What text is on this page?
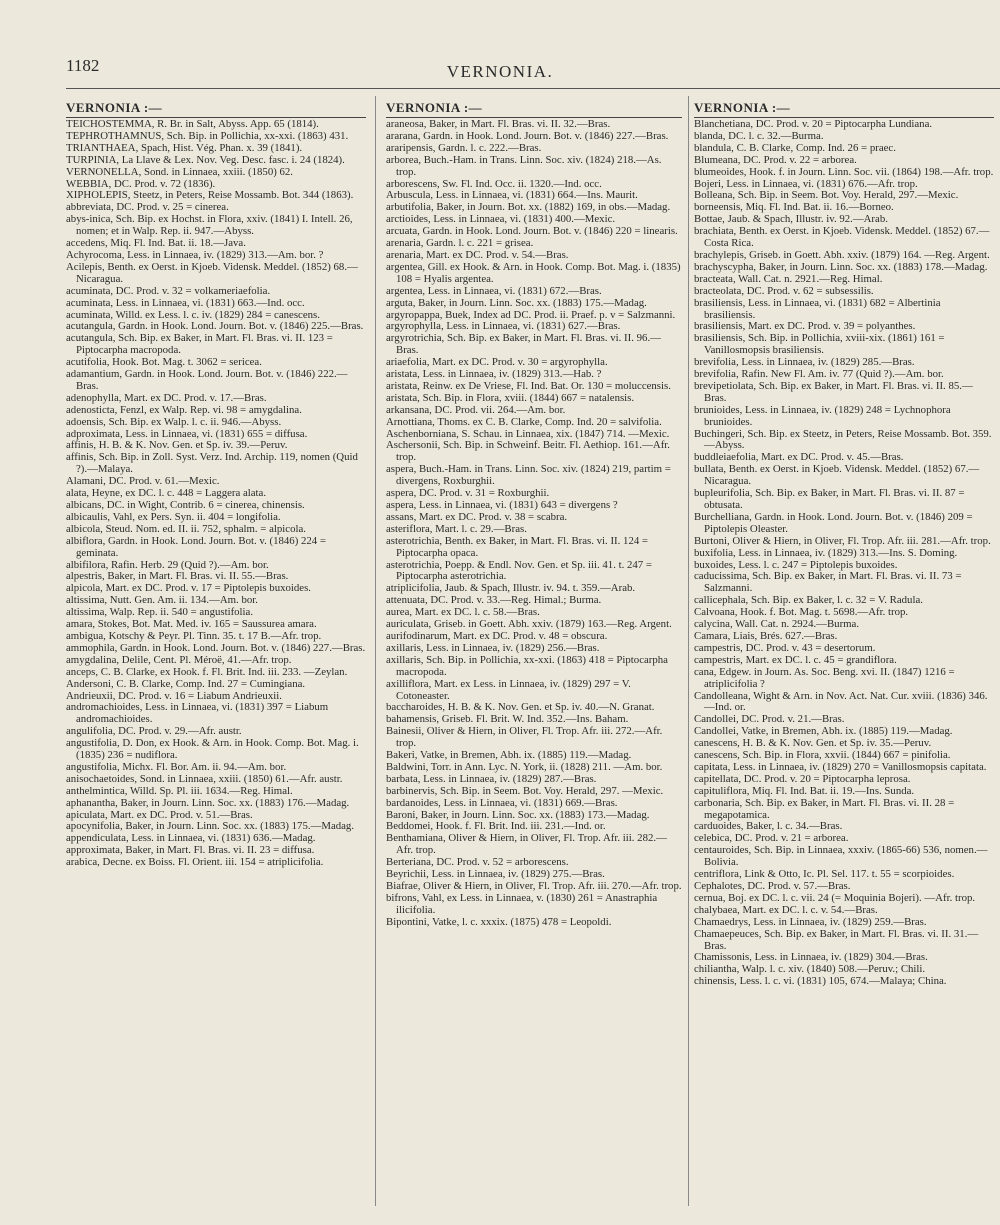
1182	VERNONIA.
VERNONIA :—

TEICHOSTEMMA, R. Br. in Salt, Abyss. App. 65 (1814).

TEPHROTHAMNUS, Sch. Bip. in Pollichia, xx-xxi. (1863) 431.

TRIANTHAEA, Spach, Hist. Vég. Phan. x. 39 (1841).

TURPINIA, La Llave & Lex. Nov. Veg. Desc. fasc. i. 24 (1824).

VERNONELLA, Sond. in Linnaea, xxiii. (1850) 62.

WEBBIA, DC. Prod. v. 72 (1836).

XIPHOLEPIS, Steetz, in Peters, Reise Mossamb. Bot. 344 (1863).

abbreviata, DC. Prod. v. 25 = cinerea.

abys-inica, Sch. Bip. ex Hochst. in Flora, xxiv. (1841) I. Intell. 26, nomen; et in Walp. Rep. ii. 947.—Abyss.

accedens, Miq. Fl. Ind. Bat. ii. 18.—Java.

Achyrocoma, Less. in Linnaea, iv. (1829) 313.—Am. bor. ?

Acilepis, Benth. ex Oerst. in Kjoeb. Vidensk. Meddel. (1852) 68.—Nicaragua.

acuminata, DC. Prod. v. 32 = volkameriaefolia.

acuminata, Less. in Linnaea, vi. (1831) 663.—Ind. occ.

acuminata, Willd. ex Less. l. c. iv. (1829) 284 = canescens.

acutangula, Gardn. in Hook. Lond. Journ. Bot. v. (1846) 225.—Bras.

acutangula, Sch. Bip. ex Baker, in Mart. Fl. Bras. vi. II. 123 = Piptocarpha macropoda.

acutifolia, Hook. Bot. Mag. t. 3062 = sericea.

adamantium, Gardn. in Hook. Lond. Journ. Bot. v. (1846) 222.—Bras.

adenophylla, Mart. ex DC. Prod. v. 17.—Bras.

adenosticta, Fenzl, ex Walp. Rep. vi. 98 = amygdalina.

adoensis, Sch. Bip. ex Walp. l. c. ii. 946.—Abyss.

adproximata, Less. in Linnaea, vi. (1831) 655 = diffusa.

affinis, H. B. & K. Nov. Gen. et Sp. iv. 39.—Peruv.

affinis, Sch. Bip. in Zoll. Syst. Verz. Ind. Archip. 119, nomen (Quid ?).—Malaya.

Alamani, DC. Prod. v. 61.—Mexic.

alata, Heyne, ex DC. l. c. 448 = Laggera alata.

albicans, DC. in Wight, Contrib. 6 = cinerea, chinensis.

albicaulis, Vahl, ex Pers. Syn. ii. 404 = longifolia.

albicola, Steud. Nom. ed. II. ii. 752, sphalm. = alpicola.

albiflora, Gardn. in Hook. Lond. Journ. Bot. v. (1846) 224 = geminata.

albifilora, Rafin. Herb. 29 (Quid ?).—Am. bor.

alpestris, Baker, in Mart. Fl. Bras. vi. II. 55.—Bras.

alpicola, Mart. ex DC. Prod. v. 17 = Piptolepis buxoides.

altissima, Nutt. Gen. Am. ii. 134.—Am. bor.

altissima, Walp. Rep. ii. 540 = angustifolia.

amara, Stokes, Bot. Mat. Med. iv. 165 = Saussurea amara.

ambigua, Kotschy & Peyr. Pl. Tinn. 35. t. 17 B.—Afr. trop.

ammophila, Gardn. in Hook. Lond. Journ. Bot. v. (1846) 227.—Bras.

amygdalina, Delile, Cent. Pl. Méroë, 41.—Afr. trop.

anceps, C. B. Clarke, ex Hook. f. Fl. Brit. Ind. iii. 233. —Zeylan.

Andersoni, C. B. Clarke, Comp. Ind. 27 = Cumingiana.

Andrieuxii, DC. Prod. v. 16 = Liabum Andrieuxii.

andromachioides, Less. in Linnaea, vi. (1831) 397 = Liabum andromachioides.

angulifolia, DC. Prod. v. 29.—Afr. austr.

angustifolia, D. Don, ex Hook. & Arn. in Hook. Comp. Bot. Mag. i. (1835) 236 = nudiflora.

angustifolia, Michx. Fl. Bor. Am. ii. 94.—Am. bor.

anisochaetoides, Sond. in Linnaea, xxiii. (1850) 61.—Afr. austr.

anthelmintica, Willd. Sp. Pl. iii. 1634.—Reg. Himal.

aphanantha, Baker, in Journ. Linn. Soc. xx. (1883) 176.—Madag.

apiculata, Mart. ex DC. Prod. v. 51.—Bras.

apocynifolia, Baker, in Journ. Linn. Soc. xx. (1883) 175.—Madag.

appendiculata, Less. in Linnaea, vi. (1831) 636.—Madag.

approximata, Baker, in Mart. Fl. Bras. vi. II. 23 = diffusa.

arabica, Decne. ex Boiss. Fl. Orient. iii. 154 = atriplicifolia.

VERNONIA :—

araneosa, Baker, in Mart. Fl. Bras. vi. II. 32.—Bras.

ararana, Gardn. in Hook. Lond. Journ. Bot. v. (1846) 227.—Bras.

araripensis, Gardn. l. c. 222.—Bras.

arborea, Buch.-Ham. in Trans. Linn. Soc. xiv. (1824) 218.—As. trop.

arborescens, Sw. Fl. Ind. Occ. ii. 1320.—Ind. occ.

Arbuscula, Less. in Linnaea, vi. (1831) 664.—Ins. Maurit.

arbutifolia, Baker, in Journ. Bot. xx. (1882) 169, in obs.—Madag.

arctioides, Less. in Linnaea, vi. (1831) 400.—Mexic.

arcuata, Gardn. in Hook. Lond. Journ. Bot. v. (1846) 220 = linearis.

arenaria, Gardn. l. c. 221 = grisea.

arenaria, Mart. ex DC. Prod. v. 54.—Bras.

argentea, Gill. ex Hook. & Arn. in Hook. Comp. Bot. Mag. i. (1835) 108 = Hyalis argentea.

argentea, Less. in Linnaea, vi. (1831) 672.—Bras.

arguta, Baker, in Journ. Linn. Soc. xx. (1883) 175.—Madag.

argyropappa, Buek, Index ad DC. Prod. ii. Praef. p. v = Salzmanni.

argyrophylla, Less. in Linnaea, vi. (1831) 627.—Bras.

argyrotrichia, Sch. Bip. ex Baker, in Mart. Fl. Bras. vi. II. 96.—Bras.

ariaefolia, Mart. ex DC. Prod. v. 30 = argyrophylla.

aristata, Less. in Linnaea, iv. (1829) 313.—Hab. ?

aristata, Reinw. ex De Vriese, Fl. Ind. Bat. Or. 130 = moluccensis.

aristata, Sch. Bip. in Flora, xviii. (1844) 667 = natalensis.

arkansana, DC. Prod. vii. 264.—Am. bor.

Arnottiana, Thoms. ex C. B. Clarke, Comp. Ind. 20 = salvifolia.

Aschenborniana, S. Schau. in Linnaea, xix. (1847) 714. —Mexic.

Aschersonii, Sch. Bip. in Schweinf. Beitr. Fl. Aethiop. 161.—Afr. trop.

aspera, Buch.-Ham. in Trans. Linn. Soc. xiv. (1824) 219, partim = divergens, Roxburghii.

aspera, DC. Prod. v. 31 = Roxburghii.

aspera, Less. in Linnaea, vi. (1831) 643 = divergens ?

assans, Mart. ex DC. Prod. v. 38 = scabra.

asteriflora, Mart. l. c. 29.—Bras.

asterotrichia, Benth. ex Baker, in Mart. Fl. Bras. vi. II. 124 = Piptocarpha opaca.

asterotrichia, Poepp. & Endl. Nov. Gen. et Sp. iii. 41. t. 247 = Piptocarpha asterotrichia.

atriplicifolia, Jaub. & Spach, Illustr. iv. 94. t. 359.—Arab.

attenuata, DC. Prod. v. 33.—Reg. Himal.; Burma.

aurea, Mart. ex DC. l. c. 58.—Bras.

auriculata, Griseb. in Goett. Abh. xxiv. (1879) 163.—Reg. Argent.

aurifodinarum, Mart. ex DC. Prod. v. 48 = obscura.

axillaris, Less. in Linnaea, iv. (1829) 256.—Bras.

axillaris, Sch. Bip. in Pollichia, xx-xxi. (1863) 418 = Piptocarpha macropoda.

axilliflora, Mart. ex Less. in Linnaea, iv. (1829) 297 = V. Cotoneaster.

baccharoides, H. B. & K. Nov. Gen. et Sp. iv. 40.—N. Granat.

bahamensis, Griseb. Fl. Brit. W. Ind. 352.—Ins. Baham.

Bainesii, Oliver & Hiern, in Oliver, Fl. Trop. Afr. iii. 272.—Afr. trop.

Bakeri, Vatke, in Bremen, Abh. ix. (1885) 119.—Madag.

Baldwini, Torr. in Ann. Lyc. N. York, ii. (1828) 211. —Am. bor.

barbata, Less. in Linnaea, iv. (1829) 287.—Bras.

barbinervis, Sch. Bip. in Seem. Bot. Voy. Herald, 297. —Mexic.

bardanoides, Less. in Linnaea, vi. (1831) 669.—Bras.

Baroni, Baker, in Journ. Linn. Soc. xx. (1883) 173.—Madag.

Beddomei, Hook. f. Fl. Brit. Ind. iii. 231.—Ind. or.

Benthamiana, Oliver & Hiern, in Oliver, Fl. Trop. Afr. iii. 282.—Afr. trop.

Berteriana, DC. Prod. v. 52 = arborescens.

Beyrichii, Less. in Linnaea, iv. (1829) 275.—Bras.

Biafrae, Oliver & Hiern, in Oliver, Fl. Trop. Afr. iii. 270.—Afr. trop.

bifrons, Vahl, ex Less. in Linnaea, v. (1830) 261 = Anastraphia ilicifolia.

Bipontini, Vatke, l. c. xxxix. (1875) 478 = Leopoldi.

VERNONIA :—

Blanchetiana, DC. Prod. v. 20 = Piptocarpha Lundiana.

blanda, DC. l. c. 32.—Burma.

blandula, C. B. Clarke, Comp. Ind. 26 = praec.

Blumeana, DC. Prod. v. 22 = arborea.

blumeoides, Hook. f. in Journ. Linn. Soc. vii. (1864) 198.—Afr. trop.

Bojeri, Less. in Linnaea, vi. (1831) 676.—Afr. trop.

Bolleana, Sch. Bip. in Seem. Bot. Voy. Herald, 297.—Mexic.

borneensis, Miq. Fl. Ind. Bat. ii. 16.—Borneo.

Bottae, Jaub. & Spach, Illustr. iv. 92.—Arab.

brachiata, Benth. ex Oerst. in Kjoeb. Vidensk. Meddel. (1852) 67.—Costa Rica.

brachylepis, Griseb. in Goett. Abh. xxiv. (1879) 164. —Reg. Argent.

brachyscypha, Baker, in Journ. Linn. Soc. xx. (1883) 178.—Madag.

bracteata, Wall. Cat. n. 2921.—Reg. Himal.

bracteolata, DC. Prod. v. 62 = subsessilis.

brasiliensis, Less. in Linnaea, vi. (1831) 682 = Albertinia brasiliensis.

brasiliensis, Mart. ex DC. Prod. v. 39 = polyanthes.

brasiliensis, Sch. Bip. in Pollichia, xviii-xix. (1861) 161 = Vanillosmopsis brasiliensis.

brevifolia, Less. in Linnaea, iv. (1829) 285.—Bras.

brevifolia, Rafin. New Fl. Am. iv. 77 (Quid ?).—Am. bor.

brevipetiolata, Sch. Bip. ex Baker, in Mart. Fl. Bras. vi. II. 85.—Bras.

brunioides, Less. in Linnaea, iv. (1829) 248 = Lychnophora brunioides.

Buchingeri, Sch. Bip. ex Steetz, in Peters, Reise Mossamb. Bot. 359.—Abyss.

buddleiaefolia, Mart. ex DC. Prod. v. 45.—Bras.

bullata, Benth. ex Oerst. in Kjoeb. Vidensk. Meddel. (1852) 67.—Nicaragua.

bupleurifolia, Sch. Bip. ex Baker, in Mart. Fl. Bras. vi. II. 87 = obtusata.

Burchelliana, Gardn. in Hook. Lond. Journ. Bot. v. (1846) 209 = Piptolepis Oleaster.

Burtoni, Oliver & Hiern, in Oliver, Fl. Trop. Afr. iii. 281.—Afr. trop.

buxifolia, Less. in Linnaea, iv. (1829) 313.—Ins. S. Doming.

buxoides, Less. l. c. 247 = Piptolepis buxoides.

caducissima, Sch. Bip. ex Baker, in Mart. Fl. Bras. vi. II. 73 = Salzmanni.

callicephala, Sch. Bip. ex Baker, l. c. 32 = V. Radula.

Calvoana, Hook. f. Bot. Mag. t. 5698.—Afr. trop.

calycina, Wall. Cat. n. 2924.—Burma.

Camara, Liais, Brés. 627.—Bras.

campestris, DC. Prod. v. 43 = desertorum.

campestris, Mart. ex DC. l. c. 45 = grandiflora.

cana, Edgew. in Journ. As. Soc. Beng. xvi. II. (1847) 1216 = atriplicifolia ?

Candolleana, Wight & Arn. in Nov. Act. Nat. Cur. xviii. (1836) 346.—Ind. or.

Candollei, DC. Prod. v. 21.—Bras.

Candollei, Vatke, in Bremen, Abh. ix. (1885) 119.—Madag.

canescens, H. B. & K. Nov. Gen. et Sp. iv. 35.—Peruv.

canescens, Sch. Bip. in Flora, xxvii. (1844) 667 = pinifolia.

capitata, Less. in Linnaea, iv. (1829) 270 = Vanillosmopsis capitata.

capitellata, DC. Prod. v. 20 = Piptocarpha leprosa.

capituliflora, Miq. Fl. Ind. Bat. ii. 19.—Ins. Sunda.

carbonaria, Sch. Bip. ex Baker, in Mart. Fl. Bras. vi. II. 28 = megapotamica.

carduoides, Baker, l. c. 34.—Bras.

celebica, DC. Prod. v. 21 = arborea.

centauroides, Sch. Bip. in Linnaea, xxxiv. (1865-66) 536, nomen.—Bolivia.

centriflora, Link & Otto, Ic. Pl. Sel. 117. t. 55 = scorpioides.

Cephalotes, DC. Prod. v. 57.—Bras.

cernua, Boj. ex DC. l. c. vii. 24 (= Moquinia Bojeri). —Afr. trop.

chalybaea, Mart. ex DC. l. c. v. 54.—Bras.

Chamaedrys, Less. in Linnaea, iv. (1829) 259.—Bras.

Chamaepeuces, Sch. Bip. ex Baker, in Mart. Fl. Bras. vi. II. 31.—Bras.

Chamissonis, Less. in Linnaea, iv. (1829) 304.—Bras.

chiliantha, Walp. l. c. xiv. (1840) 508.—Peruv.; Chili.

chinensis, Less. l. c. vi. (1831) 105, 674.—Malaya; China.
